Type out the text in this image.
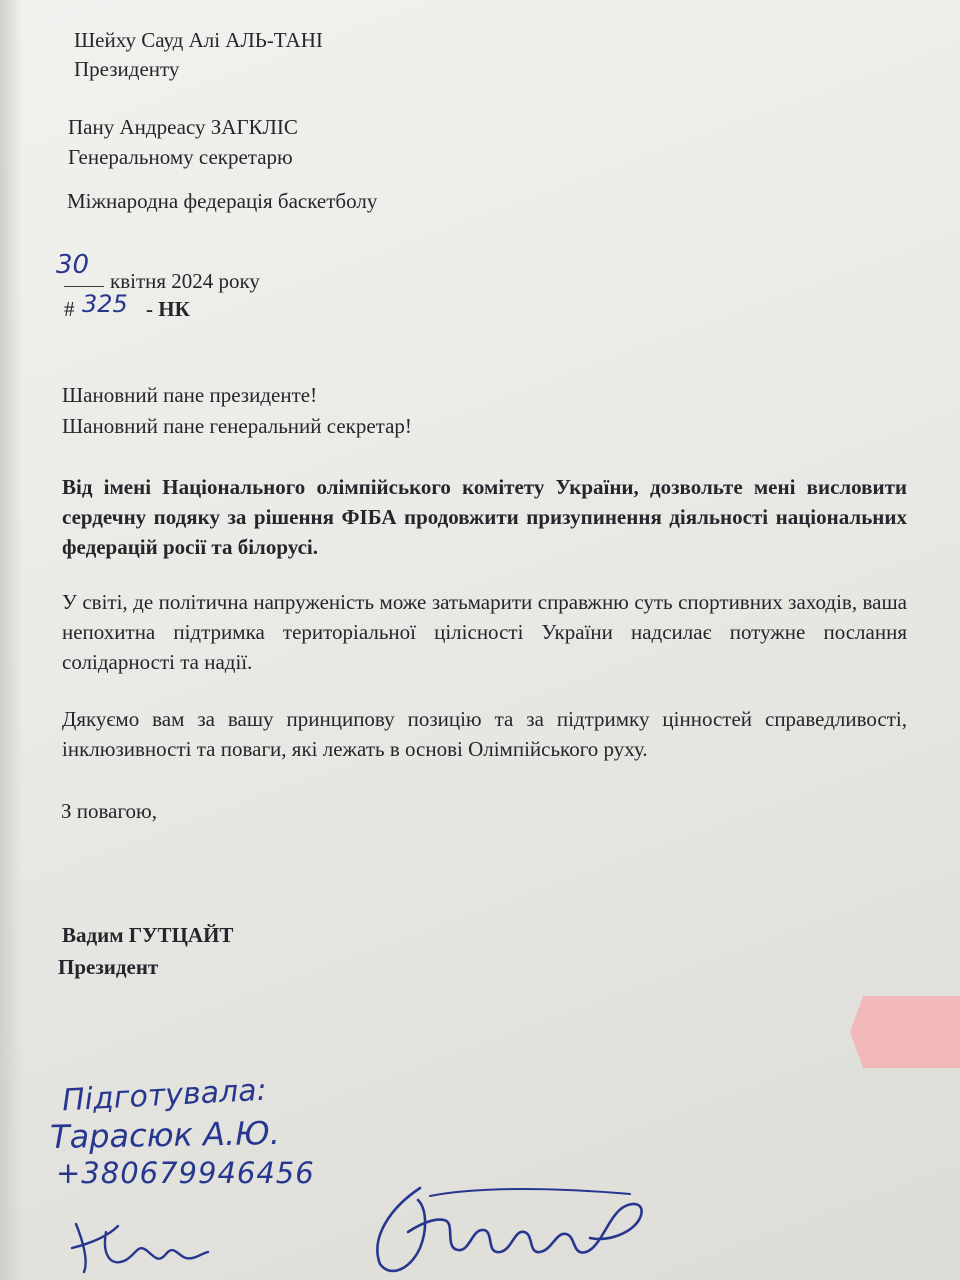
Шейху Сауд Алі АЛЬ-ТАНІ
Президенту
Пану Андреасу ЗАГКЛІС
Генеральному секретарю
Міжнародна федерація баскетболу
30
квітня 2024 року
# 325 - НК
Шановний пане президенте!
Шановний пане генеральний секретар!
Від імені Національного олімпійського комітету України, дозвольте мені висловити сердечну подяку за рішення ФІБА продовжити призупинення діяльності національних федерацій росії та білорусі.
У світі, де політична напруженість може затьмарити справжню суть спортивних заходів, ваша непохитна підтримка територіальної цілісності України надсилає потужне послання солідарності та надії.
Дякуємо вам за вашу принципову позицію та за підтримку цінностей справедливості, інклюзивності та поваги, які лежать в основі Олімпійського руху.
З повагою,
Вадим ГУТЦАЙТ
Президент
Підготувала:
Тарасюк А.Ю.
+380679946456
